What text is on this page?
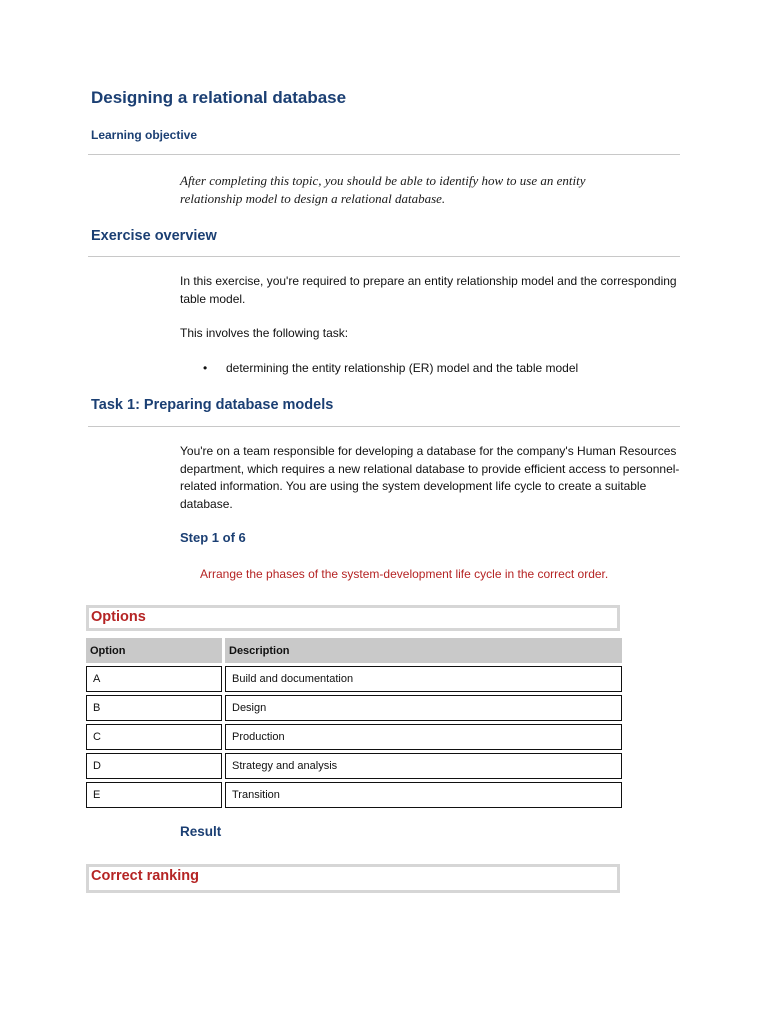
Designing a relational database
Learning objective
After completing this topic, you should be able to identify how to use an entity relationship model to design a relational database.
Exercise overview
In this exercise, you're required to prepare an entity relationship model and the corresponding table model.
This involves the following task:
• determining the entity relationship (ER) model and the table model
Task 1: Preparing database models
You're on a team responsible for developing a database for the company's Human Resources department, which requires a new relational database to provide efficient access to personnel-related information. You are using the system development life cycle to create a suitable database.
Step 1 of 6
Arrange the phases of the system-development life cycle in the correct order.
Options
Option		Description
A		Build and documentation
B		Design
C		Production
D		Strategy and analysis
E		Transition
Result
Correct ranking
